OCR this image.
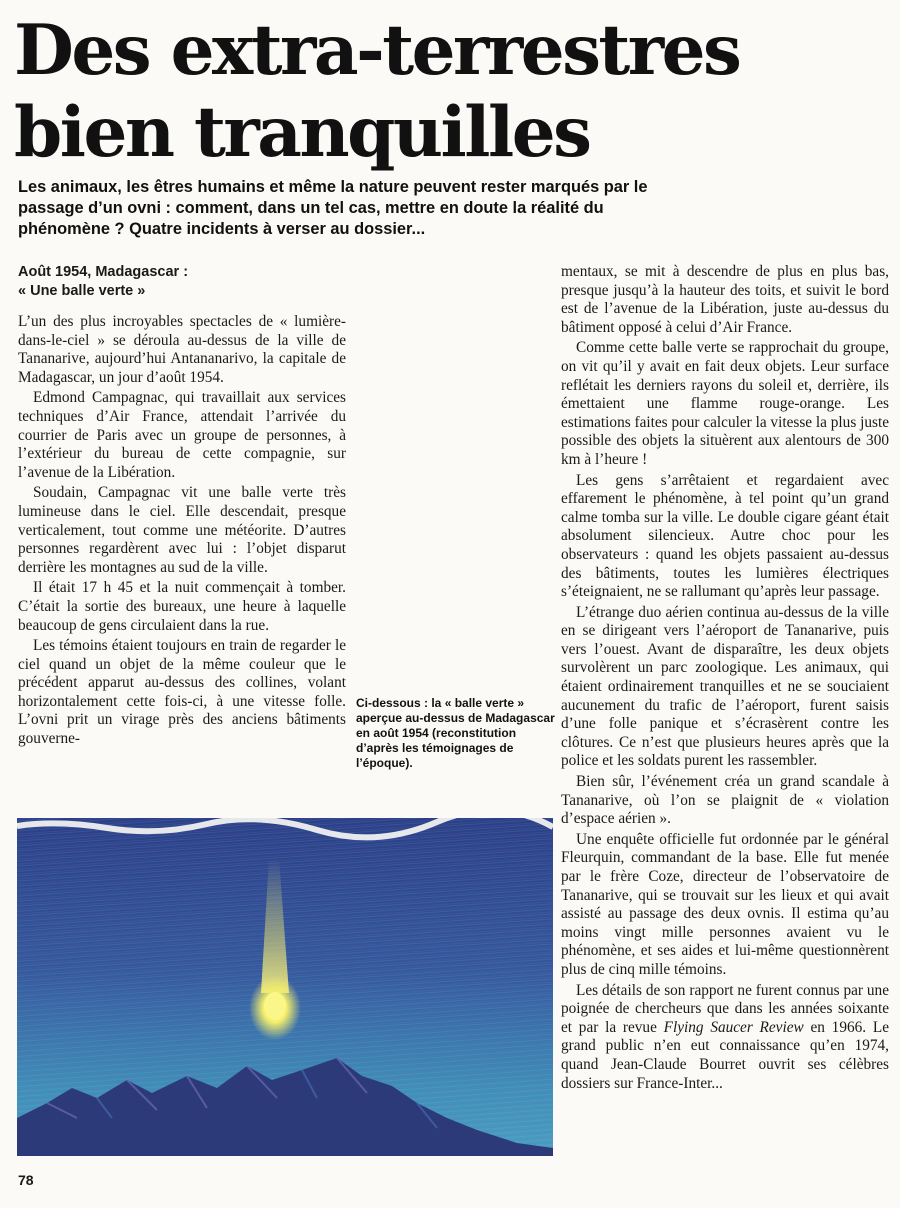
Des extra-terrestres
bien tranquilles
Les animaux, les êtres humains et même la nature peuvent rester marqués par le passage d’un ovni : comment, dans un tel cas, mettre en doute la réalité du phénomène ? Quatre incidents à verser au dossier...
Août 1954, Madagascar :
« Une balle verte »

L’un des plus incroyables spectacles de « lumière-dans-le-ciel » se déroula au-dessus de la ville de Tananarive, aujourd’hui Antananarivo, la capitale de Madagascar, un jour d’août 1954.

Edmond Campagnac, qui travaillait aux services techniques d’Air France, attendait l’arrivée du courrier de Paris avec un groupe de personnes, à l’extérieur du bureau de cette compagnie, sur l’avenue de la Libération.

Soudain, Campagnac vit une balle verte très lumineuse dans le ciel. Elle descendait, presque verticalement, tout comme une météorite. D’autres personnes regardèrent avec lui : l’objet disparut derrière les montagnes au sud de la ville.

Il était 17 h 45 et la nuit commençait à tomber. C’était la sortie des bureaux, une heure à laquelle beaucoup de gens circulaient dans la rue.

Les témoins étaient toujours en train de regarder le ciel quand un objet de la même couleur que le précédent apparut au-dessus des collines, volant horizontalement cette fois-ci, à une vitesse folle. L’ovni prit un virage près des anciens bâtiments gouverne-

Ci-dessous : la « balle verte » aperçue au-dessus de Madagascar en août 1954 (reconstitution d’après les témoignages de l’époque).

mentaux, se mit à descendre de plus en plus bas, presque jusqu’à la hauteur des toits, et suivit le bord est de l’avenue de la Libération, juste au-dessus du bâtiment opposé à celui d’Air France.

Comme cette balle verte se rapprochait du groupe, on vit qu’il y avait en fait deux objets. Leur surface reflétait les derniers rayons du soleil et, derrière, ils émettaient une flamme rouge-orange. Les estimations faites pour calculer la vitesse la plus juste possible des objets la situèrent aux alentours de 300 km à l’heure !

Les gens s’arrêtaient et regardaient avec effarement le phénomène, à tel point qu’un grand calme tomba sur la ville. Le double cigare géant était absolument silencieux. Autre choc pour les observateurs : quand les objets passaient au-dessus des bâtiments, toutes les lumières électriques s’éteignaient, ne se rallumant qu’après leur passage.

L’étrange duo aérien continua au-dessus de la ville en se dirigeant vers l’aéroport de Tananarive, puis vers l’ouest. Avant de disparaître, les deux objets survolèrent un parc zoologique. Les animaux, qui étaient ordinairement tranquilles et ne se souciaient aucunement du trafic de l’aéroport, furent saisis d’une folle panique et s’écrasèrent contre les clôtures. Ce n’est que plusieurs heures après que la police et les soldats purent les rassembler.

Bien sûr, l’événement créa un grand scandale à Tananarive, où l’on se plaignit de « violation d’espace aérien ».

Une enquête officielle fut ordonnée par le général Fleurquin, commandant de la base. Elle fut menée par le frère Coze, directeur de l’observatoire de Tananarive, qui se trouvait sur les lieux et qui avait assisté au passage des deux ovnis. Il estima qu’au moins vingt mille personnes avaient vu le phénomène, et ses aides et lui-même questionnèrent plus de cinq mille témoins.

Les détails de son rapport ne furent connus par une poignée de chercheurs que dans les années soixante et par la revue Flying Saucer Review en 1966. Le grand public n’en eut connaissance qu’en 1974, quand Jean-Claude Bourret ouvrit ses célèbres dossiers sur France-Inter...

78
